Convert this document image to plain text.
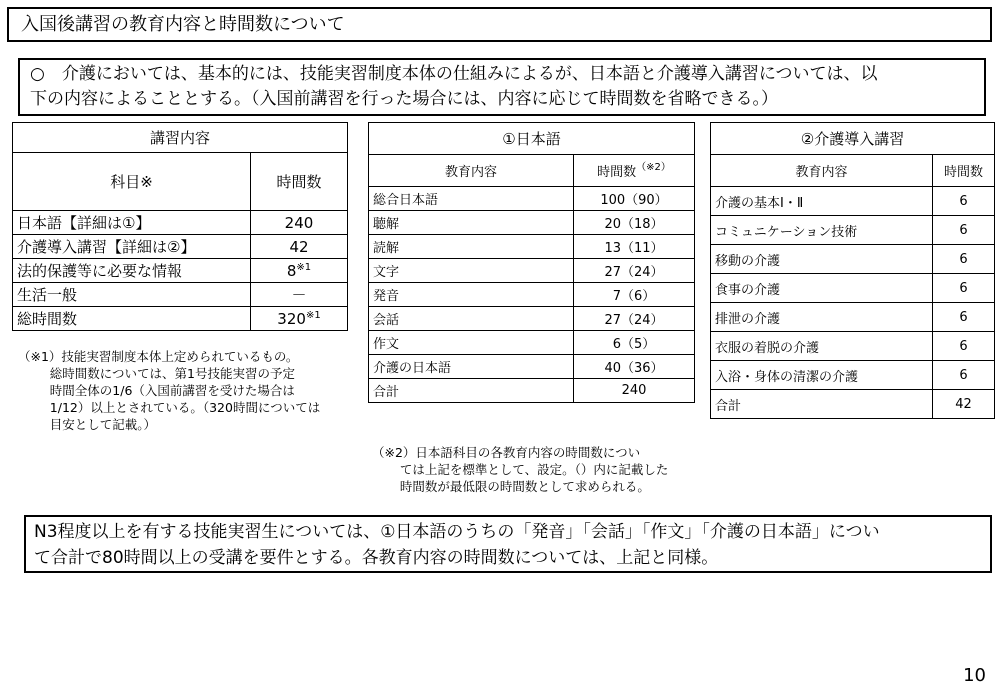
入国後講習の教育内容と時間数について
○　介護においては、基本的には、技能実習制度本体の仕組みによるが、日本語と介護導入講習については、以
下の内容によることとする。（入国前講習を行った場合には、内容に応じて時間数を省略できる。）
講習内容	
科目※	時間数
日本語【詳細は①】	240
介護導入講習【詳細は②】	42
法的保護等に必要な情報	8$^{※1}$
生活一般	－
総時間数	320$^{※1}$
（※1）技能実習制度本体上定められているもの。
総時間数については、第1号技能実習の予定
時間全体の1/6（入国前講習を受けた場合は
1/12）以上とされている。（320時間については
目安として記載。）
①日本語	
教育内容	時間数$^{(※2)}$
総合日本語	100（90）
聴解	20（18）
読解	13（11）
文字	27（24）
発音	7（6）
会話	27（24）
作文	6（5）
介護の日本語	40（36）
合計	240
（※2）日本語科目の各教育内容の時間数につい
ては上記を標準として、設定。（）内に記載した
時間数が最低限の時間数として求められる。
②介護導入講習	
教育内容	時間数
介護の基本Ⅰ・Ⅱ	6
コミュニケーション技術	6
移動の介護	6
食事の介護	6
排泄の介護	6
衣服の着脱の介護	6
入浴・身体の清潔の介護	6
合計	42
N3程度以上を有する技能実習生については、①日本語のうちの「発音」「会話」「作文」「介護の日本語」につい
て合計で80時間以上の受講を要件とする。各教育内容の時間数については、上記と同様。
10
